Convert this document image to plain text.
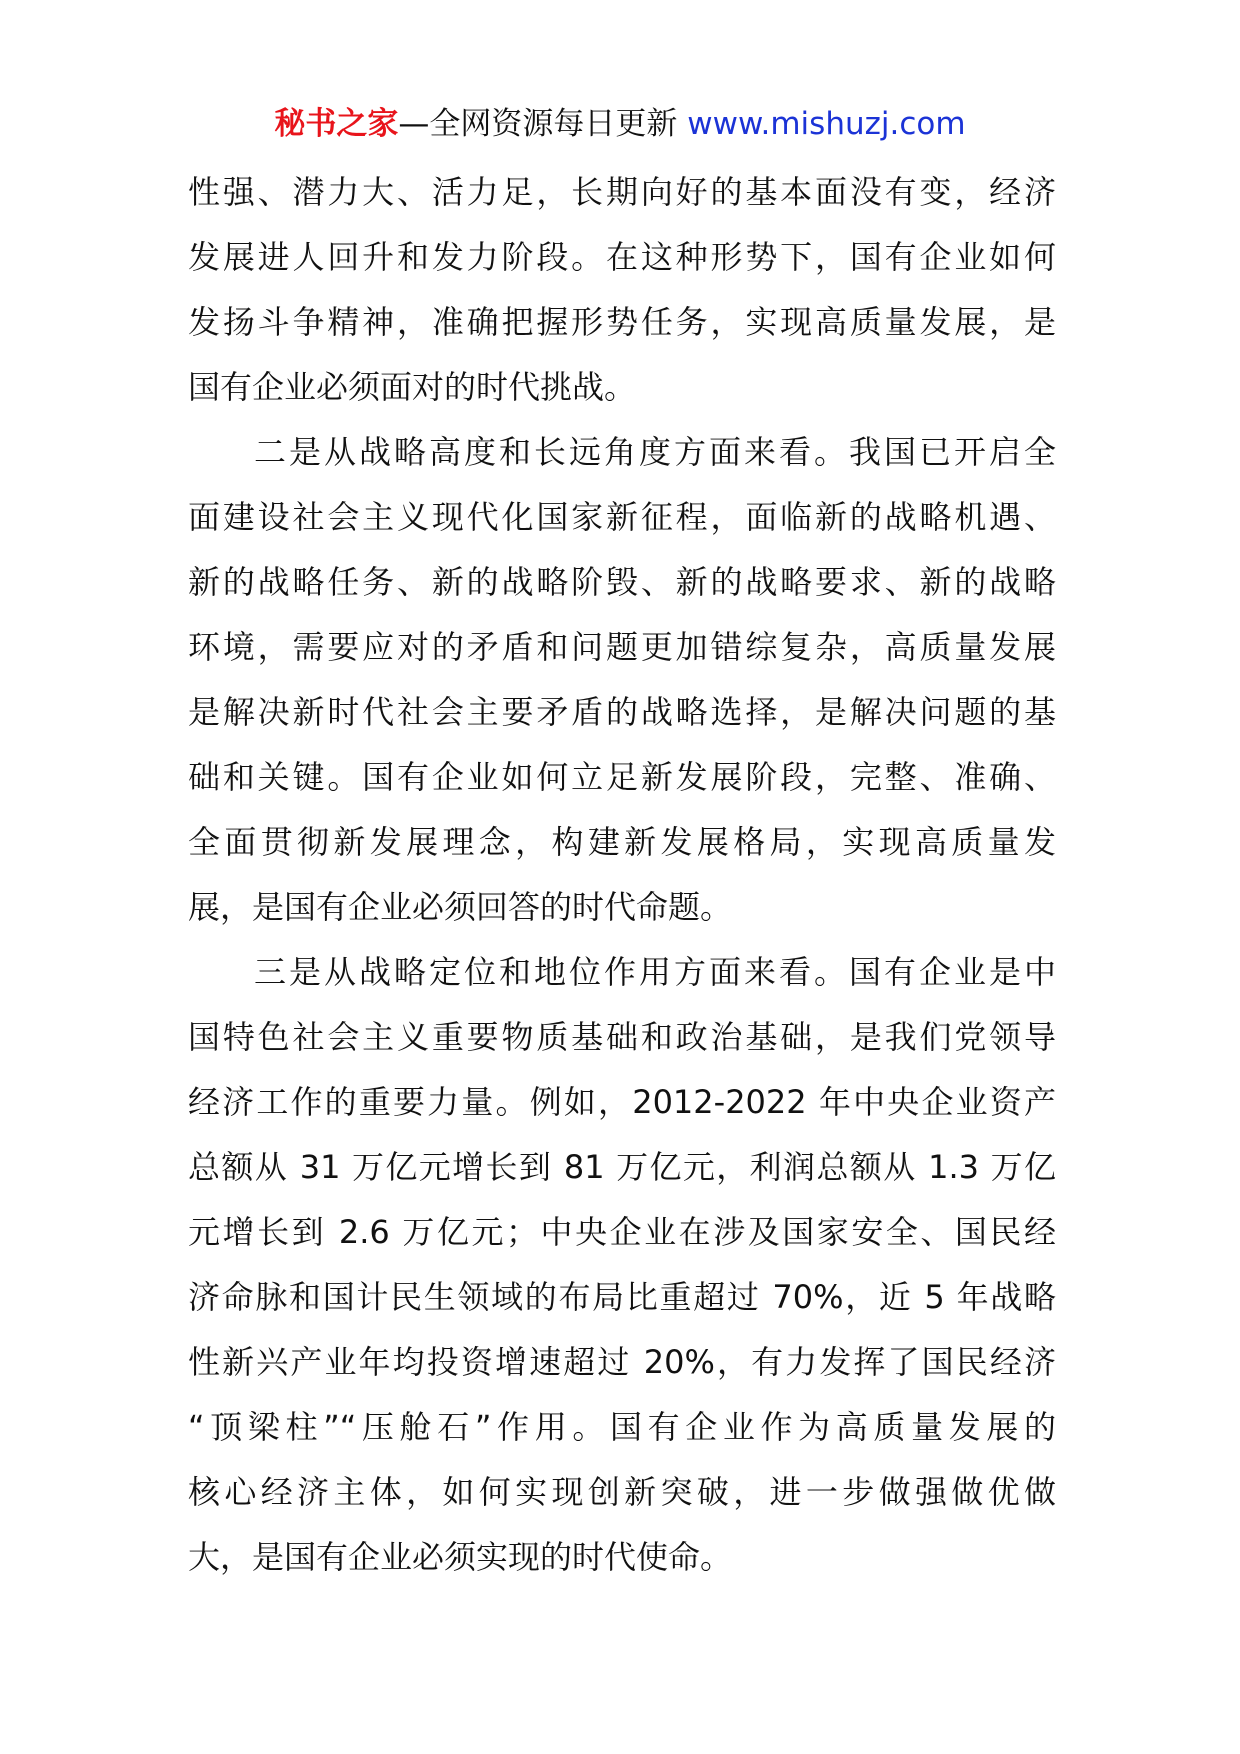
秘书之家—全网资源每日更新 www.mishuzj.com
性强、潜力大、活力足，长期向好的基本面没有变，经济
发展进人回升和发力阶段。在这种形势下，国有企业如何
发扬斗争精神，准确把握形势任务，实现高质量发展，是
国有企业必须面对的时代挑战。
二是从战略高度和长远角度方面来看。我国已开启全
面建设社会主义现代化国家新征程，面临新的战略机遇、
新的战略任务、新的战略阶毁、新的战略要求、新的战略
环境，需要应对的矛盾和问题更加错综复杂，高质量发展
是解决新时代社会主要矛盾的战略选择，是解决问题的基
础和关键。国有企业如何立足新发展阶段，完整、准确、
全面贯彻新发展理念，构建新发展格局，实现高质量发
展，是国有企业必须回答的时代命题。
三是从战略定位和地位作用方面来看。国有企业是中
国特色社会主义重要物质基础和政治基础，是我们党领导
经济工作的重要力量。例如，2012-2022 年中央企业资产
总额从 31 万亿元增长到 81 万亿元，利润总额从 1.3 万亿
元增长到 2.6 万亿元；中央企业在涉及国家安全、国民经
济命脉和国计民生领域的布局比重超过 70%，近 5 年战略
性新兴产业年均投资增速超过 20%，有力发挥了国民经济
“顶梁柱”“压舱石”作用。国有企业作为高质量发展的
核心经济主体，如何实现创新突破，进一步做强做优做
大，是国有企业必须实现的时代使命。
